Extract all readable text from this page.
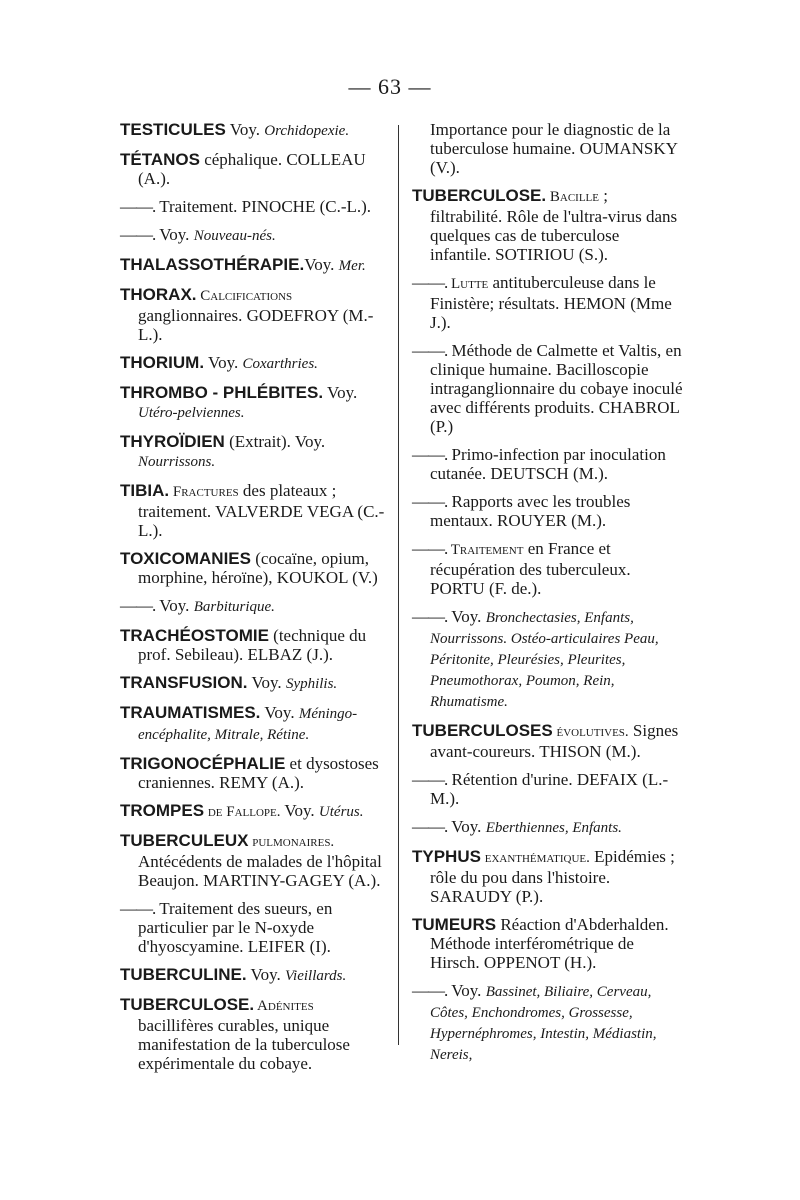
— 63 —
TESTICULES Voy. Orchidopexie.
TÉTANOS céphalique. COLLEAU (A.).
——. Traitement. PINOCHE (C.-L.).
——. Voy. Nouveau-nés.
THALASSOTHÉRAPIE.Voy. Mer.
THORAX. Calcifications ganglionnaires. GODEFROY (M.-L.).
THORIUM. Voy. Coxarthries.
THROMBO - PHLÉBITES. Voy. Utéro-pelviennes.
THYROÏDIEN (Extrait). Voy. Nourrissons.
TIBIA. Fractures des plateaux ; traitement. VALVERDE VEGA (C.-L.).
TOXICOMANIES (cocaïne, opium, morphine, héroïne), KOUKOL (V.)
——. Voy. Barbiturique.
TRACHÉOSTOMIE (technique du prof. Sebileau). ELBAZ (J.).
TRANSFUSION. Voy. Syphilis.
TRAUMATISMES. Voy. Méningo-encéphalite, Mitrale, Rétine.
TRIGONOCÉPHALIE et dysostoses craniennes. REMY (A.).
TROMPES de Fallope. Voy. Utérus.
TUBERCULEUX pulmonaires. Antécédents de malades de l'hôpital Beaujon. MARTINY-GAGEY (A.).
——. Traitement des sueurs, en particulier par le N-oxyde d'hyoscyamine. LEIFER (I).
TUBERCULINE. Voy. Vieillards.
TUBERCULOSE. Adénites bacillifères curables, unique manifestation de la tuberculose expérimentale du cobaye.
Importance pour le diagnostic de la tuberculose humaine. OUMANSKY (V.).
TUBERCULOSE. Bacille ; filtrabilité. Rôle de l'ultra-virus dans quelques cas de tuberculose infantile. SOTIRIOU (S.).
——. Lutte antituberculeuse dans le Finistère; résultats. HEMON (Mme J.).
——. Méthode de Calmette et Valtis, en clinique humaine. Bacilloscopie intraganglionnaire du cobaye inoculé avec différents produits. CHABROL (P.)
——. Primo-infection par inoculation cutanée. DEUTSCH (M.).
——. Rapports avec les troubles mentaux. ROUYER (M.).
——. Traitement en France et récupération des tuberculeux. PORTU (F. de.).
——. Voy. Bronchectasies, Enfants, Nourrissons. Ostéo-articulaires Peau, Péritonite, Pleurésies, Pleurites, Pneumothorax, Poumon, Rein, Rhumatisme.
TUBERCULOSES évolutives. Signes avant-coureurs. THISON (M.).
——. Rétention d'urine. DEFAIX (L.-M.).
——. Voy. Eberthiennes, Enfants.
TYPHUS exanthématique. Epidémies ; rôle du pou dans l'histoire. SARAUDY (P.).
TUMEURS Réaction d'Abderhalden. Méthode interférométrique de Hirsch. OPPENOT (H.).
——. Voy. Bassinet, Biliaire, Cerveau, Côtes, Enchondromes, Grossesse, Hypernéphromes, Intestin, Médiastin, Nereis,
